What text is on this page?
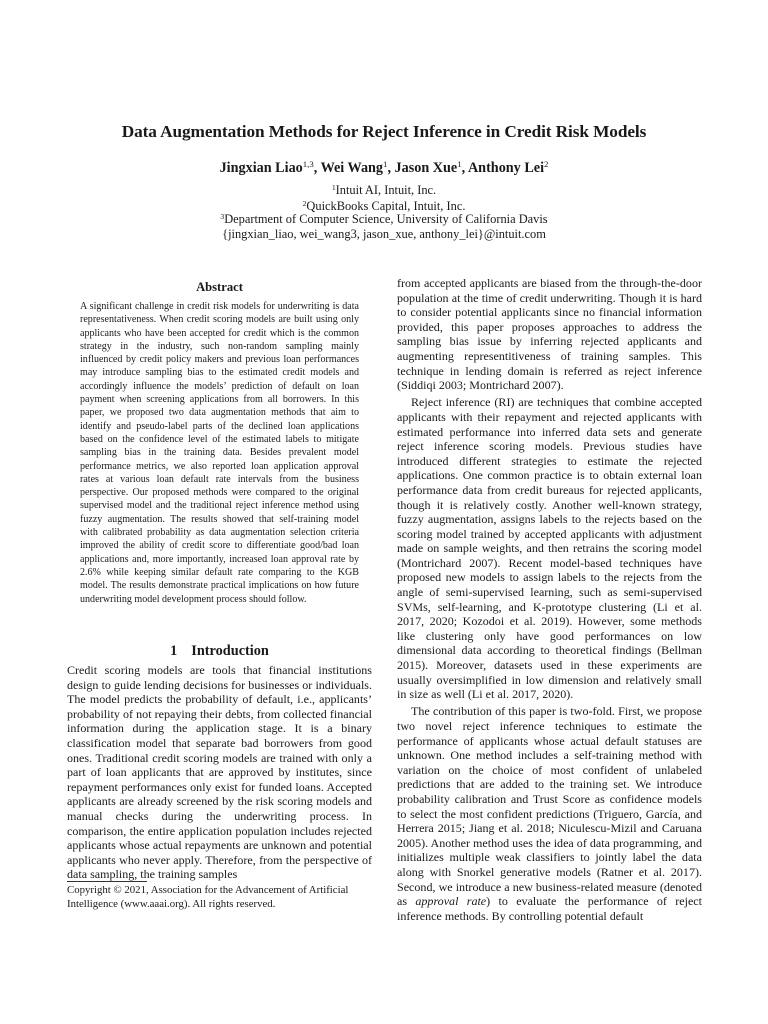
Data Augmentation Methods for Reject Inference in Credit Risk Models
Jingxian Liao$^{1,3}$, Wei Wang$^1$, Jason Xue$^1$, Anthony Lei$^2$
$^1$Intuit AI, Intuit, Inc.
$^2$QuickBooks Capital, Intuit, Inc.
$^3$Department of Computer Science, University of California Davis
{jingxian_liao, wei_wang3, jason_xue, anthony_lei}@intuit.com
Abstract
A significant challenge in credit risk models for underwriting is data representativeness. When credit scoring models are built using only applicants who have been accepted for credit which is the common strategy in the industry, such non-random sampling mainly influenced by credit policy makers and previous loan performances may introduce sampling bias to the estimated credit models and accordingly influence the models’ prediction of default on loan payment when screening applications from all borrowers. In this paper, we proposed two data augmentation methods that aim to identify and pseudo-label parts of the declined loan applications based on the confidence level of the estimated labels to mitigate sampling bias in the training data. Besides prevalent model performance metrics, we also reported loan application approval rates at various loan default rate intervals from the business perspective. Our proposed methods were compared to the original supervised model and the traditional reject inference method using fuzzy augmentation. The results showed that self-training model with calibrated probability as data augmentation selection criteria improved the ability of credit score to differentiate good/bad loan applications and, more importantly, increased loan approval rate by 2.6% while keeping similar default rate comparing to the KGB model. The results demonstrate practical implications on how future underwriting model development process should follow.
1 Introduction
Credit scoring models are tools that financial institutions design to guide lending decisions for businesses or individuals. The model predicts the probability of default, i.e., applicants’ probability of not repaying their debts, from collected financial information during the application stage. It is a binary classification model that separate bad borrowers from good ones. Traditional credit scoring models are trained with only a part of loan applicants that are approved by institutes, since repayment performances only exist for funded loans. Accepted applicants are already screened by the risk scoring models and manual checks during the underwriting process. In comparison, the entire application population includes rejected applicants whose actual repayments are unknown and potential applicants who never apply. Therefore, from the perspective of data sampling, the training samples
Copyright © 2021, Association for the Advancement of Artificial Intelligence (www.aaai.org). All rights reserved.

from accepted applicants are biased from the through-the-door population at the time of credit underwriting. Though it is hard to consider potential applicants since no financial information provided, this paper proposes approaches to address the sampling bias issue by inferring rejected applicants and augmenting representitiveness of training samples. This technique in lending domain is referred as reject inference (Siddiqi 2003; Montrichard 2007).

Reject inference (RI) are techniques that combine accepted applicants with their repayment and rejected applicants with estimated performance into inferred data sets and generate reject inference scoring models. Previous studies have introduced different strategies to estimate the rejected applications. One common practice is to obtain external loan performance data from credit bureaus for rejected applicants, though it is relatively costly. Another well-known strategy, fuzzy augmentation, assigns labels to the rejects based on the scoring model trained by accepted applicants with adjustment made on sample weights, and then retrains the scoring model (Montrichard 2007). Recent model-based techniques have proposed new models to assign labels to the rejects from the angle of semi-supervised learning, such as semi-supervised SVMs, self-learning, and K-prototype clustering (Li et al. 2017, 2020; Kozodoi et al. 2019). However, some methods like clustering only have good performances on low dimensional data according to theoretical findings (Bellman 2015). Moreover, datasets used in these experiments are usually oversimplified in low dimension and relatively small in size as well (Li et al. 2017, 2020).

The contribution of this paper is two-fold. First, we propose two novel reject inference techniques to estimate the performance of applicants whose actual default statuses are unknown. One method includes a self-training method with variation on the choice of most confident of unlabeled predictions that are added to the training set. We introduce probability calibration and Trust Score as confidence models to select the most confident predictions (Triguero, García, and Herrera 2015; Jiang et al. 2018; Niculescu-Mizil and Caruana 2005). Another method uses the idea of data programming, and initializes multiple weak classifiers to jointly label the data along with Snorkel generative models (Ratner et al. 2017). Second, we introduce a new business-related measure (denoted as approval rate) to evaluate the performance of reject inference methods. By controlling potential default
